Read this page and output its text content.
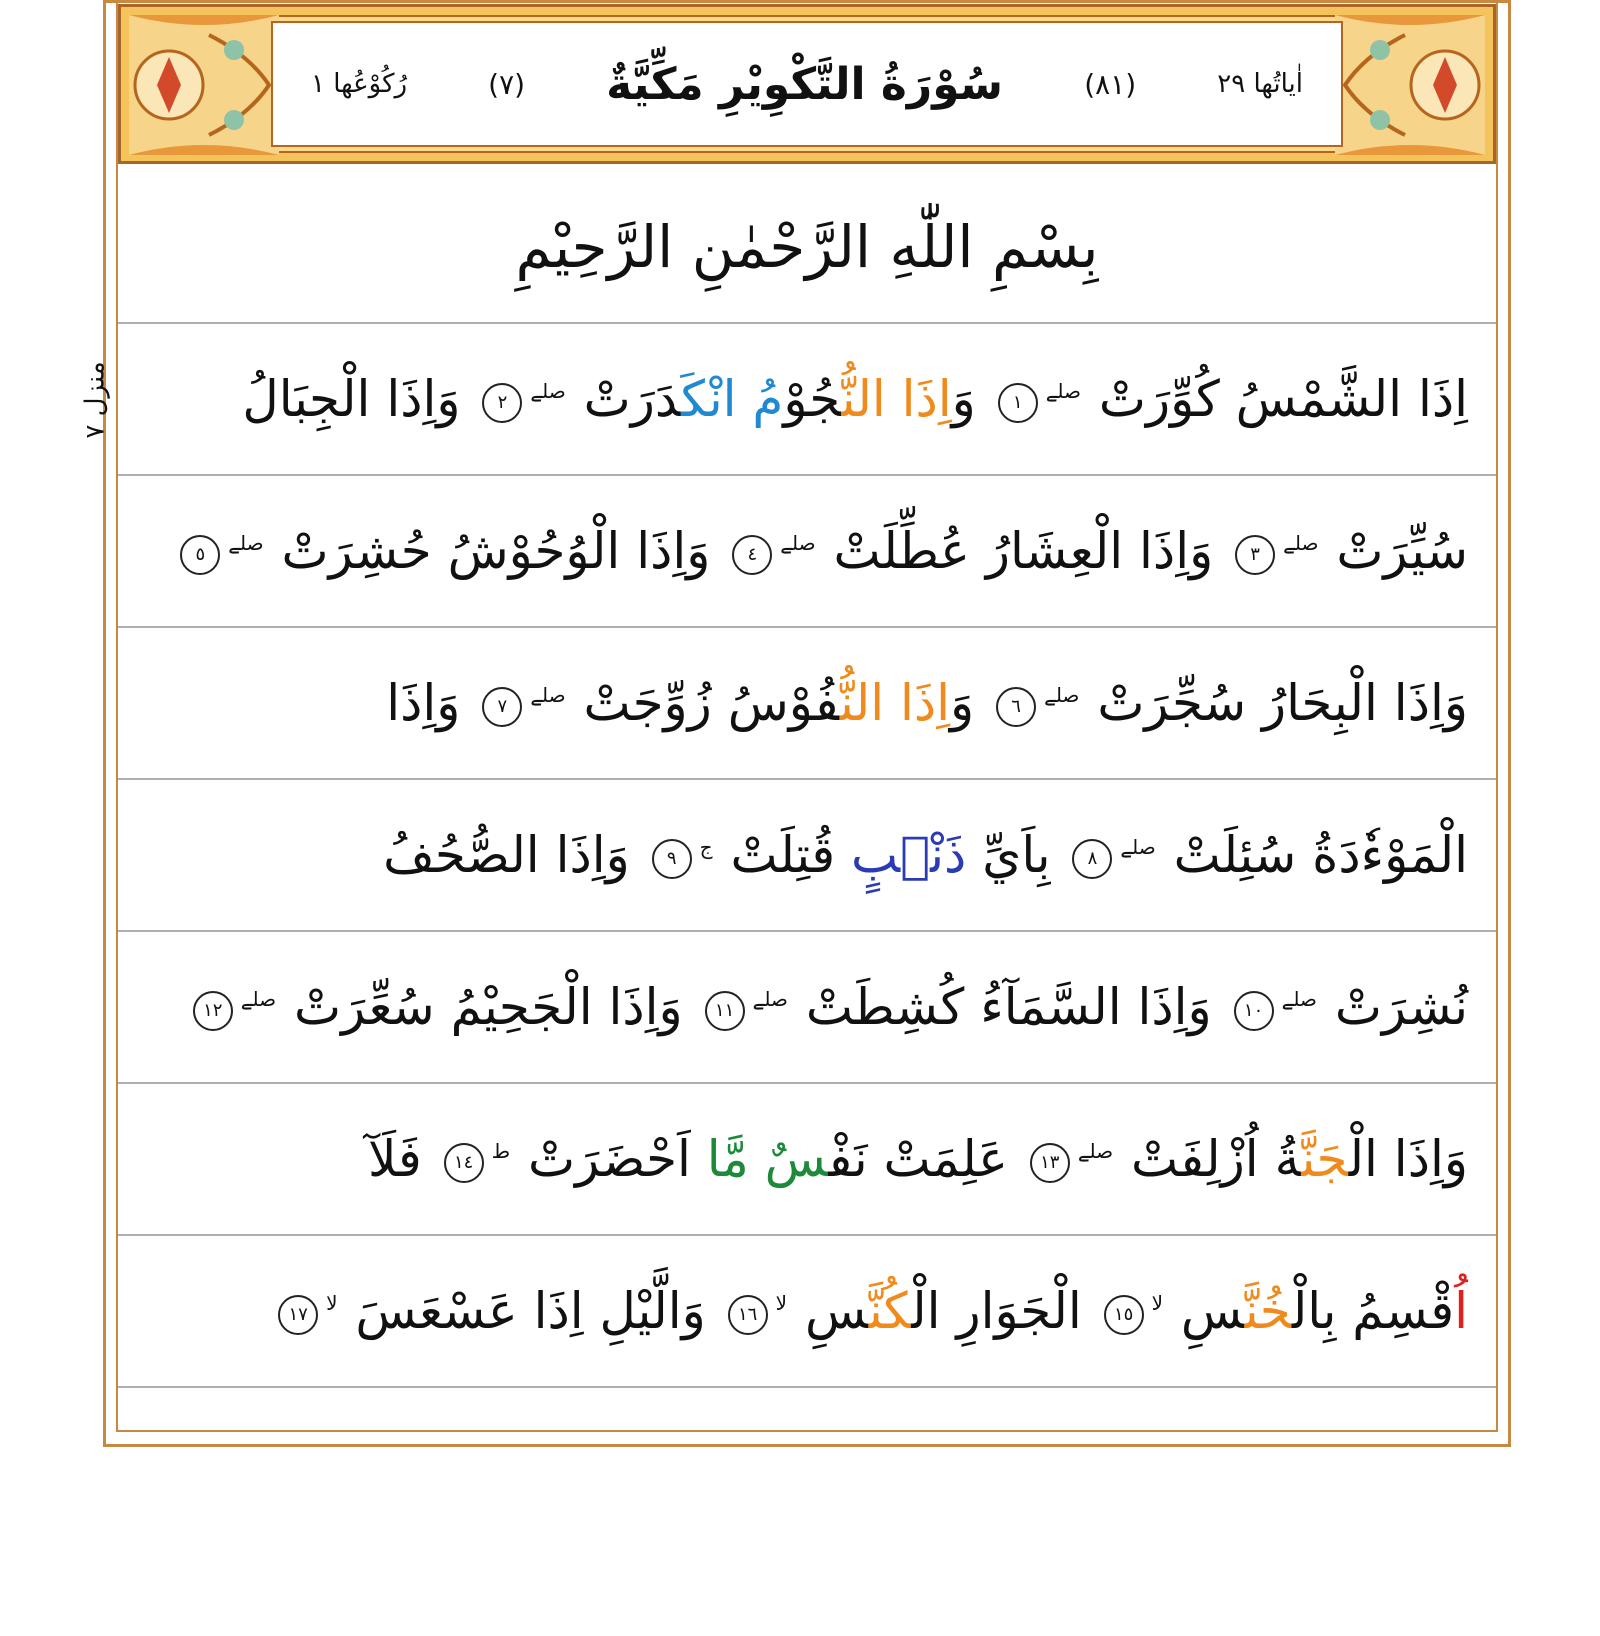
منزل ٧
رُكُوْعُھا ١	(٧) سُوْرَةُ التَّكْوِيْرِ مَكِّيَّةٌ	(٨١)	اٰیاتُھا ٢٩
بِسْمِ اللّٰهِ الرَّحْمٰنِ الرَّحِيْمِ
اِذَا الشَّمْسُ كُوِّرَتْ $^{صلے}$١ وَاِذَا النُّجُوْمُ انْكَدَرَتْ $^{صلے}$٢ وَاِذَا الْجِبَالُ
سُيِّرَتْ $^{صلے}$٣ وَاِذَا الْعِشَارُ عُطِّلَتْ $^{صلے}$٤ وَاِذَا الْوُحُوْشُ حُشِرَتْ $^{صلے}$٥
وَاِذَا الْبِحَارُ سُجِّرَتْ $^{صلے}$٦ وَاِذَا النُّفُوْسُ زُوِّجَتْ $^{صلے}$٧ وَاِذَا
الْمَوْءٗدَةُ سُئِلَتْ $^{صلے}$٨ بِاَيِّ ذَنْۢبٍ قُتِلَتْ $^ج$٩ وَاِذَا الصُّحُفُ
نُشِرَتْ $^{صلے}$١٠ وَاِذَا السَّمَآءُ كُشِطَتْ $^{صلے}$١١ وَاِذَا الْجَحِيْمُ سُعِّرَتْ $^{صلے}$١٢
وَاِذَا الْجَنَّةُ اُزْلِفَتْ $^{صلے}$١٣ عَلِمَتْ نَفْسٌ مَّا اَحْضَرَتْ $^ط$١٤ فَلَآ
اُقْسِمُ بِالْخُنَّسِ $^{لا}$١٥ الْجَوَارِ الْكُنَّسِ $^{لا}$١٦ وَالَّيْلِ اِذَا عَسْعَسَ $^{لا}$١٧
